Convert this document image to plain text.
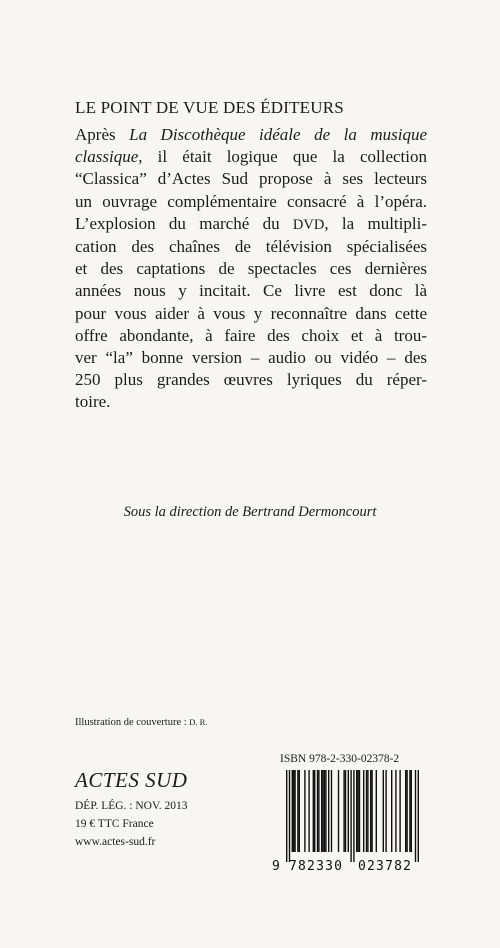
LE POINT DE VUE DES ÉDITEURS
Après La Discothèque idéale de la musique
classique, il était logique que la collection
“Classica” d’Actes Sud propose à ses lecteurs
un ouvrage complémentaire consacré à l’opéra.
L’explosion du marché du DVD, la multipli-
cation des chaînes de télévision spécialisées
et des captations de spectacles ces dernières
années nous y incitait. Ce livre est donc là
pour vous aider à vous y reconnaître dans cette
offre abondante, à faire des choix et à trou-
ver “la” bonne version – audio ou vidéo – des
250 plus grandes œuvres lyriques du réper-
toire.
Sous la direction de Bertrand Dermoncourt
Illustration de couverture : D. R.
ACTES SUD
DÉP. LÉG. : NOV. 2013
19 € TTC France
www.actes-sud.fr
ISBN 978-2-330-02378-2
9 782330 023782
